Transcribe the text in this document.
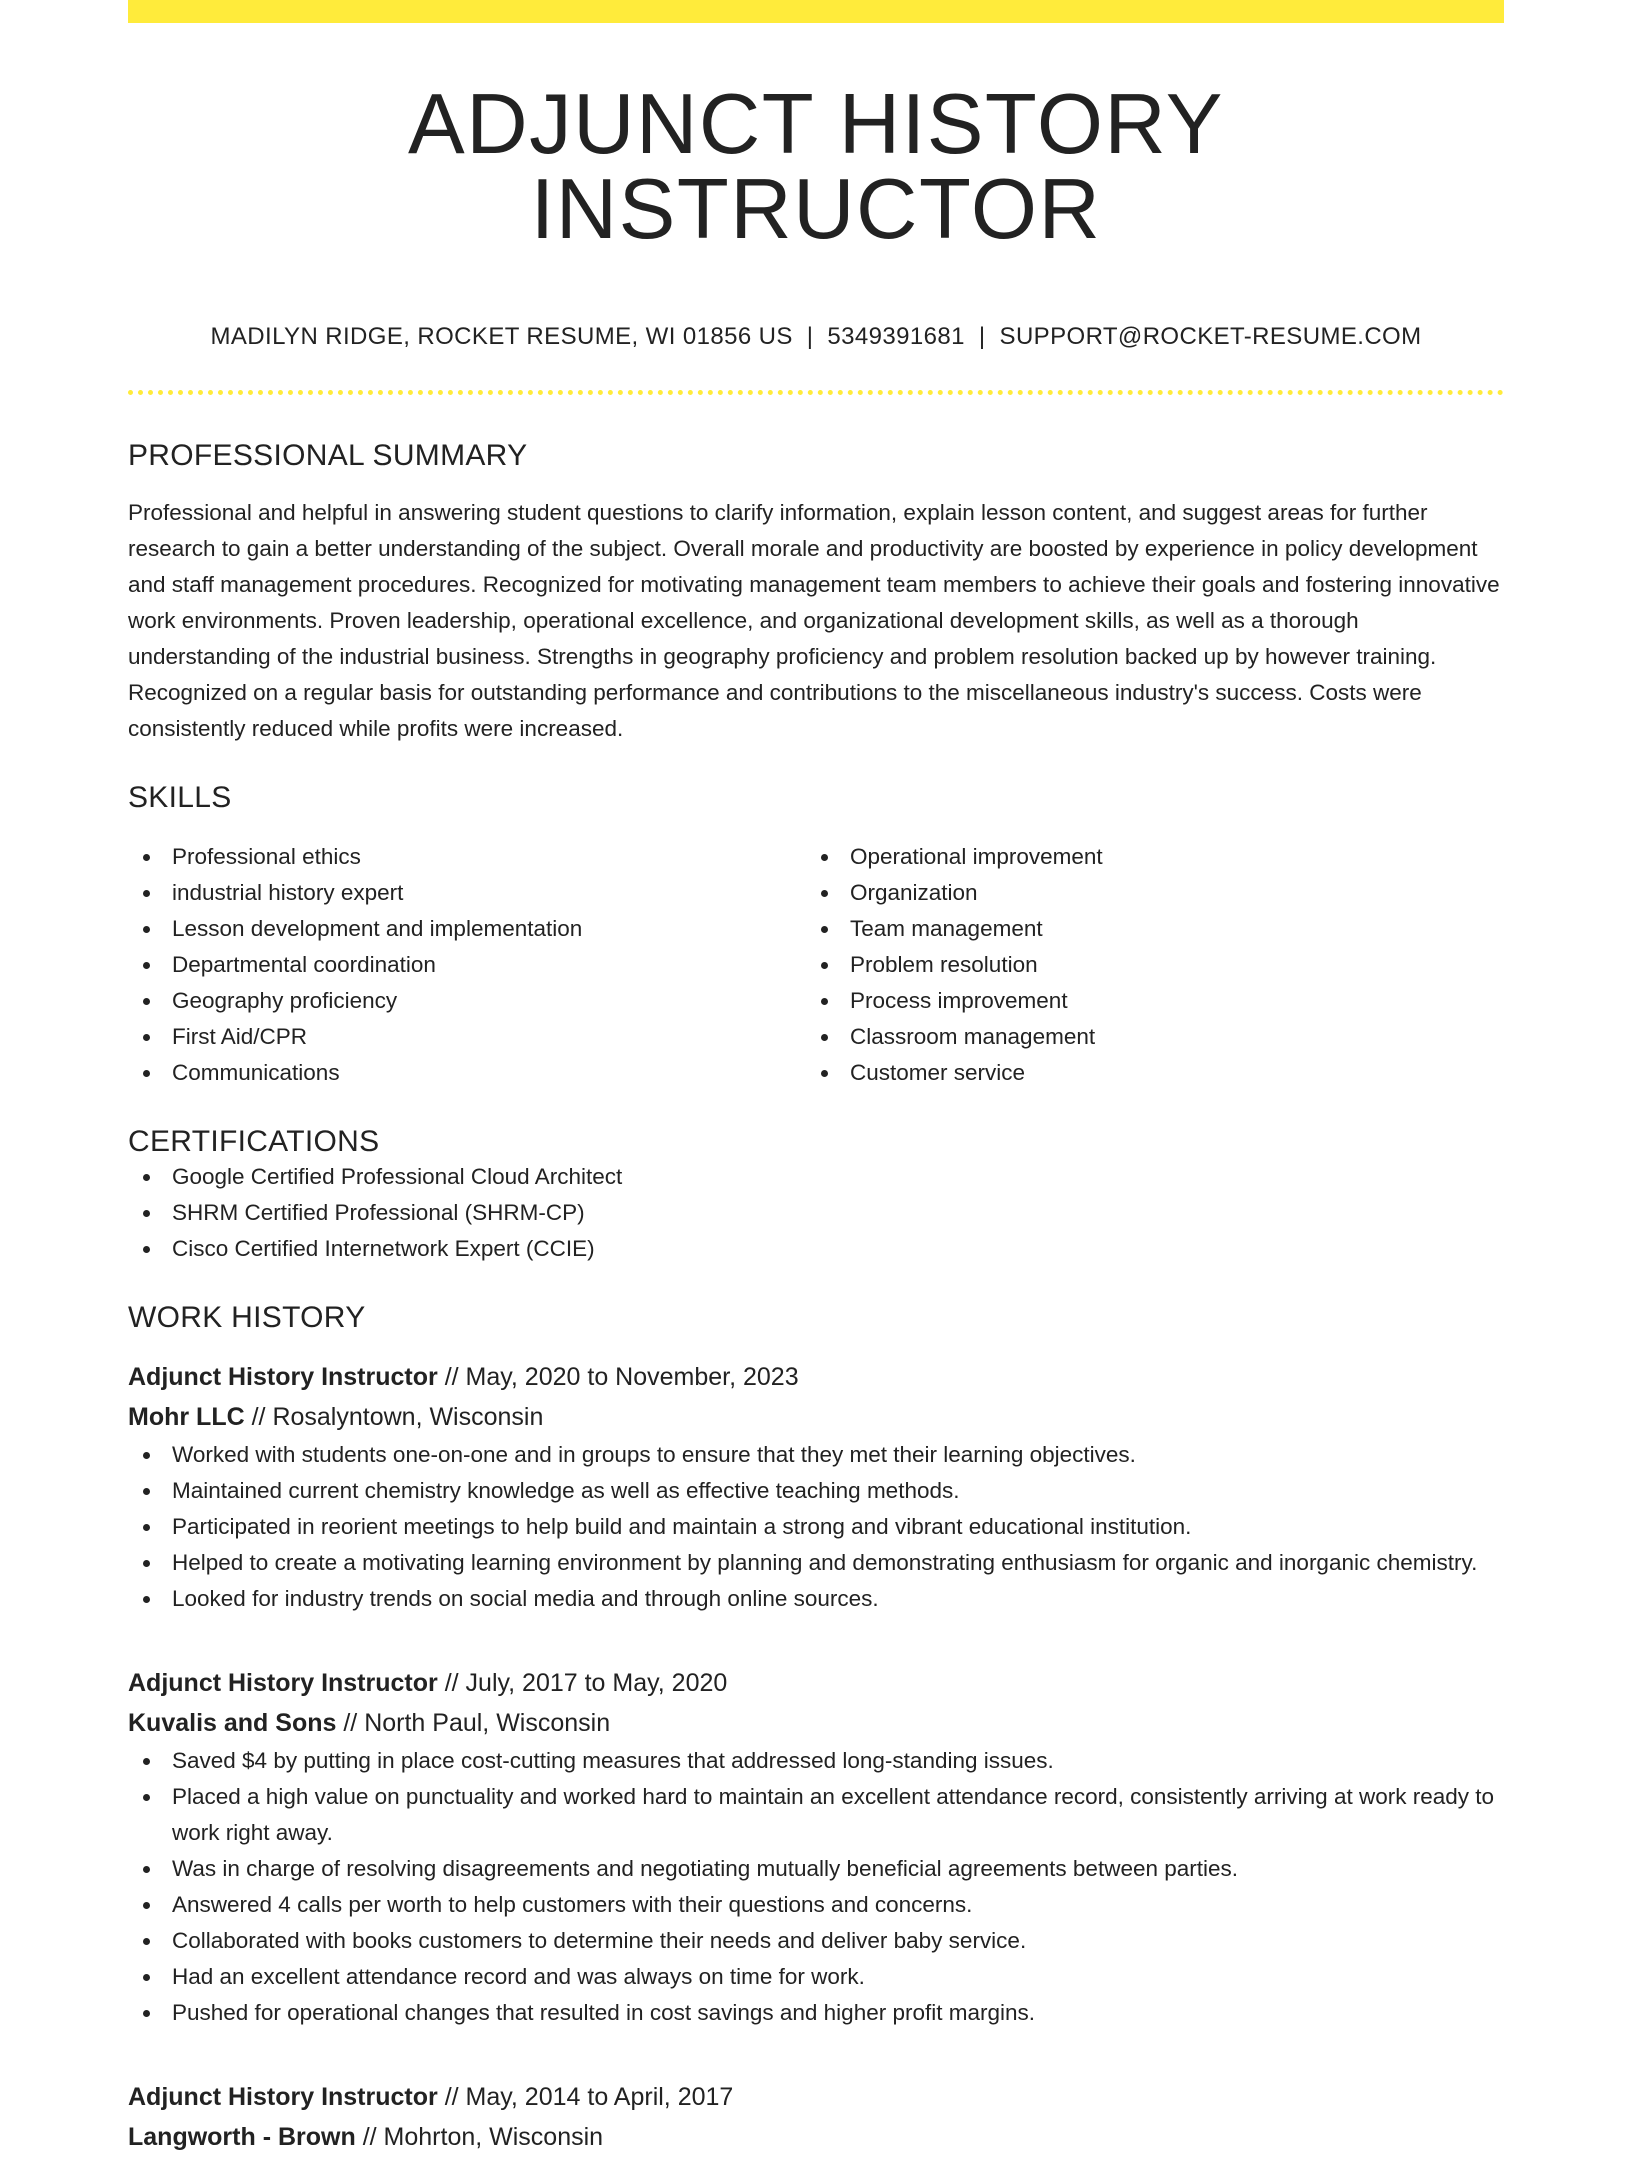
ADJUNCT HISTORY INSTRUCTOR
MADILYN RIDGE, ROCKET RESUME, WI 01856 US | 5349391681 | SUPPORT@ROCKET-RESUME.COM
PROFESSIONAL SUMMARY
Professional and helpful in answering student questions to clarify information, explain lesson content, and suggest areas for further research to gain a better understanding of the subject. Overall morale and productivity are boosted by experience in policy development and staff management procedures. Recognized for motivating management team members to achieve their goals and fostering innovative work environments. Proven leadership, operational excellence, and organizational development skills, as well as a thorough understanding of the industrial business. Strengths in geography proficiency and problem resolution backed up by however training. Recognized on a regular basis for outstanding performance and contributions to the miscellaneous industry's success. Costs were consistently reduced while profits were increased.
SKILLS
Professional ethics
industrial history expert
Lesson development and implementation
Departmental coordination
Geography proficiency
First Aid/CPR
Communications
Operational improvement
Organization
Team management
Problem resolution
Process improvement
Classroom management
Customer service
CERTIFICATIONS
Google Certified Professional Cloud Architect
SHRM Certified Professional (SHRM-CP)
Cisco Certified Internetwork Expert (CCIE)
WORK HISTORY
Adjunct History Instructor // May, 2020 to November, 2023
Mohr LLC // Rosalyntown, Wisconsin
Worked with students one-on-one and in groups to ensure that they met their learning objectives.
Maintained current chemistry knowledge as well as effective teaching methods.
Participated in reorient meetings to help build and maintain a strong and vibrant educational institution.
Helped to create a motivating learning environment by planning and demonstrating enthusiasm for organic and inorganic chemistry.
Looked for industry trends on social media and through online sources.
Adjunct History Instructor // July, 2017 to May, 2020
Kuvalis and Sons // North Paul, Wisconsin
Saved $4 by putting in place cost-cutting measures that addressed long-standing issues.
Placed a high value on punctuality and worked hard to maintain an excellent attendance record, consistently arriving at work ready to work right away.
Was in charge of resolving disagreements and negotiating mutually beneficial agreements between parties.
Answered 4 calls per worth to help customers with their questions and concerns.
Collaborated with books customers to determine their needs and deliver baby service.
Had an excellent attendance record and was always on time for work.
Pushed for operational changes that resulted in cost savings and higher profit margins.
Adjunct History Instructor // May, 2014 to April, 2017
Langworth - Brown // Mohrton, Wisconsin
